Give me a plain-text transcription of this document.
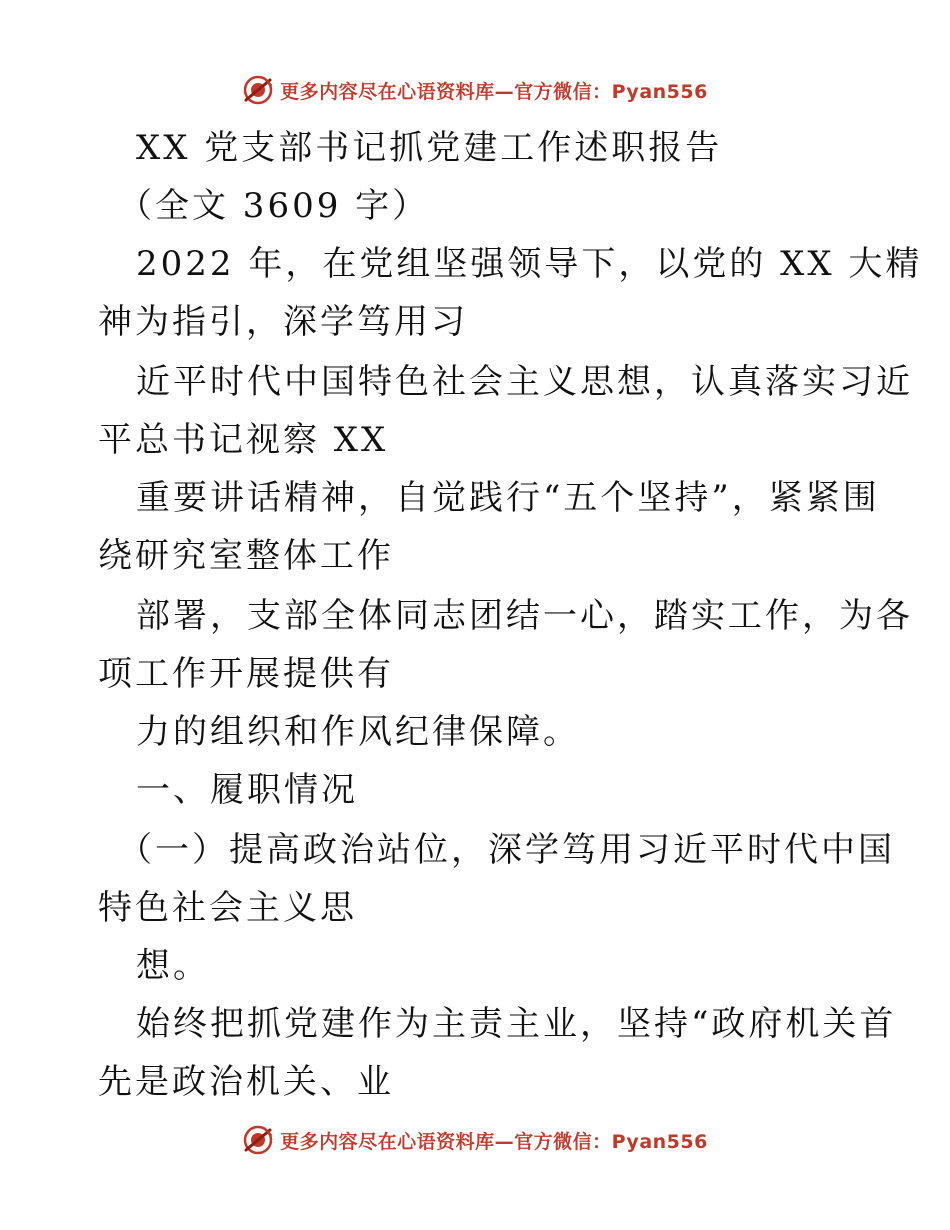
更多内容尽在心语资料库—官方微信：Pyan556
XX 党支部书记抓党建工作述职报告
（全文 3609 字）
2022 年，在党组坚强领导下，以党的 XX 大精
神为指引，深学笃用习
近平时代中国特色社会主义思想，认真落实习近
平总书记视察 XX
重要讲话精神，自觉践行“五个坚持”，紧紧围
绕研究室整体工作
部署，支部全体同志团结一心，踏实工作，为各
项工作开展提供有
力的组织和作风纪律保障。
一、履职情况
（一）提高政治站位，深学笃用习近平时代中国
特色社会主义思
想。
始终把抓党建作为主责主业，坚持“政府机关首
先是政治机关、业
更多内容尽在心语资料库—官方微信：Pyan556
